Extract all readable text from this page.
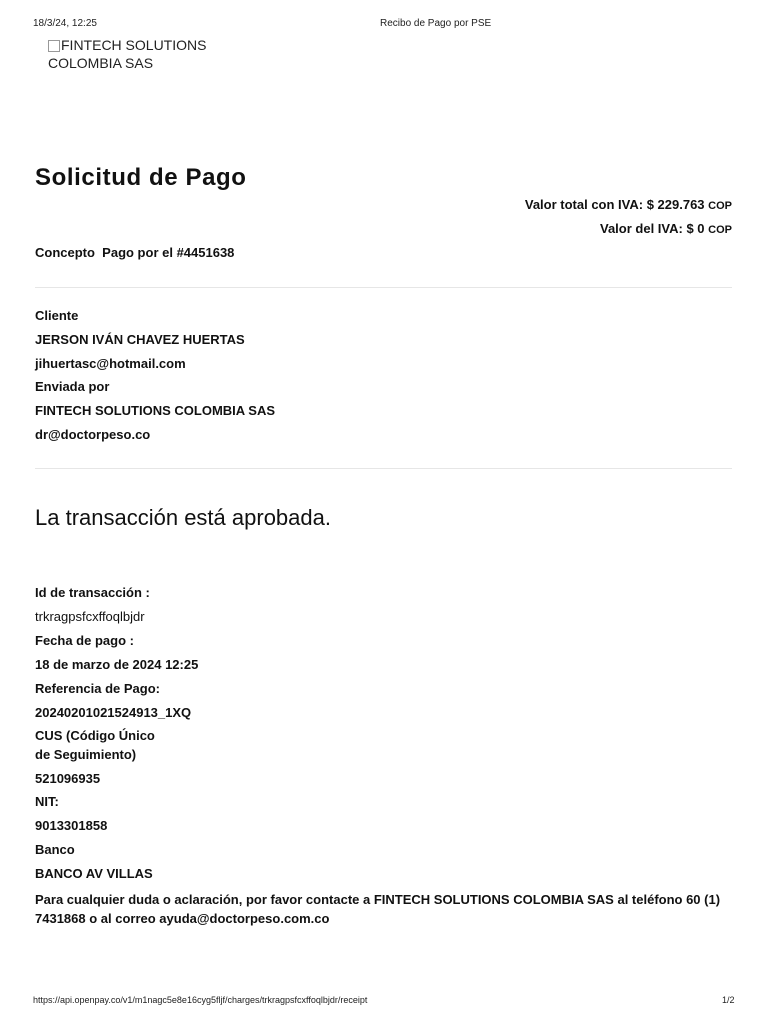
18/3/24, 12:25	Recibo de Pago por PSE
FINTECH SOLUTIONS COLOMBIA SAS
Solicitud de Pago
Valor total con IVA: $ 229.763 COP
Valor del IVA: $ 0 COP
Concepto  Pago por el #4451638
Cliente
JERSON IVÁN CHAVEZ HUERTAS
jihuertasc@hotmail.com
Enviada por
FINTECH SOLUTIONS COLOMBIA SAS
dr@doctorpeso.co
La transacción está aprobada.
Id de transacción :
trkragpsfcxffoqlbjdr
Fecha de pago :
18 de marzo de 2024 12:25
Referencia de Pago:
20240201021524913_1XQ
CUS (Código Único
de Seguimiento)
521096935
NIT:
9013301858
Banco
BANCO AV VILLAS
Para cualquier duda o aclaración, por favor contacte a FINTECH SOLUTIONS COLOMBIA SAS al teléfono 60 (1) 7431868 o al correo ayuda@doctorpeso.com.co
https://api.openpay.co/v1/m1nagc5e8e16cyg5fljf/charges/trkragpsfcxffoqlbjdr/receipt	1/2
